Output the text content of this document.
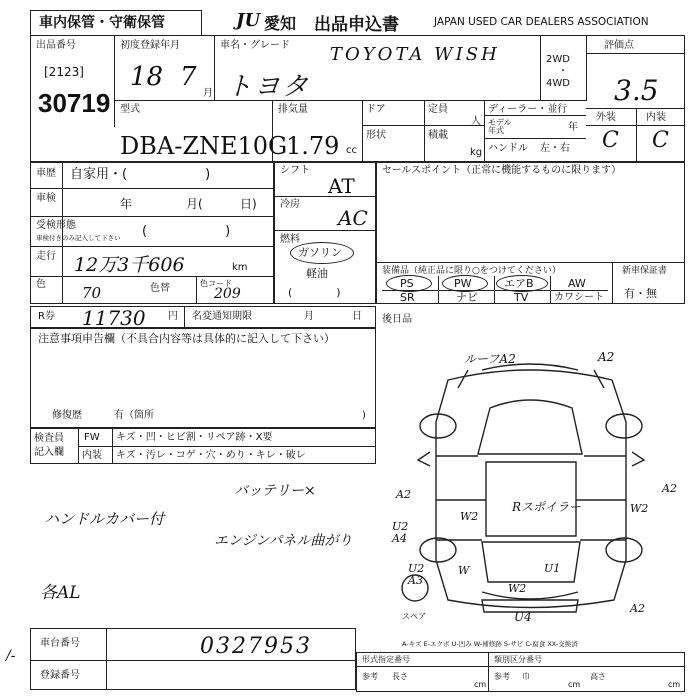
車内保管・守衛保管	JU 愛知 出品申込書	JAPAN USED CAR DEALERS ASSOCIATION
出品番号
[2123]
30719
初度登録年月
18 7
月
車名・グレード
トヨタ
TOYOTA WISH	2WD
・
4WD
評価点
3.5
外装	内装
C C
型式
DBA-ZNE10G
排気量
1.79 cc
ドア
形状
定員
人
積載
kg
ディーラー・並行
モデル
年式	年
ハンドル 左・右
車歴 自家用・(　　　　　　)
車検	年	月(	日)
受検形態
車検付きのみ記入して下さい (　　　　　　)
走行 12万3千606	km
色 70	色替	色コード
209
シフト
AT
冷房
AC
燃料
ガソリン
軽油
(　　　　)
セールスポイント（正常に機能するものに限ります）
装備品（純正品に限り○をつけてください）	新車保証書
有・無
PS	PW	エアB	AW
SR	ナビ	TV	カワシート
R券 11730 円 名変通知期限	月	日 後日品
注意事項申告欄（不具合内容等は具体的に記入して下さい）
修復歴	有（箇所	)
検査員
記入欄
FW キズ・凹・ヒビ割・リペア跡・X要
内装 キズ・汚レ・コゲ・穴・めり・キレ・破レ
バッテリー×
ハンドルカバー付
エンジンパネル曲がり
各AL
ルーフA2	A2
A2	A2
U2
A4
W2
W2
Rスポイラー
W
U2
A3
U1
W2
U4
A2
スペア
A-キズ E-エクボ U-凹み W-補修跡 S-サビ C-腐食 XX-交換済
車台番号	0327953
登録番号
/-	形式指定番号	類別区分番号
参考 長さ
cm
参考 巾
cm
高さ
cm
